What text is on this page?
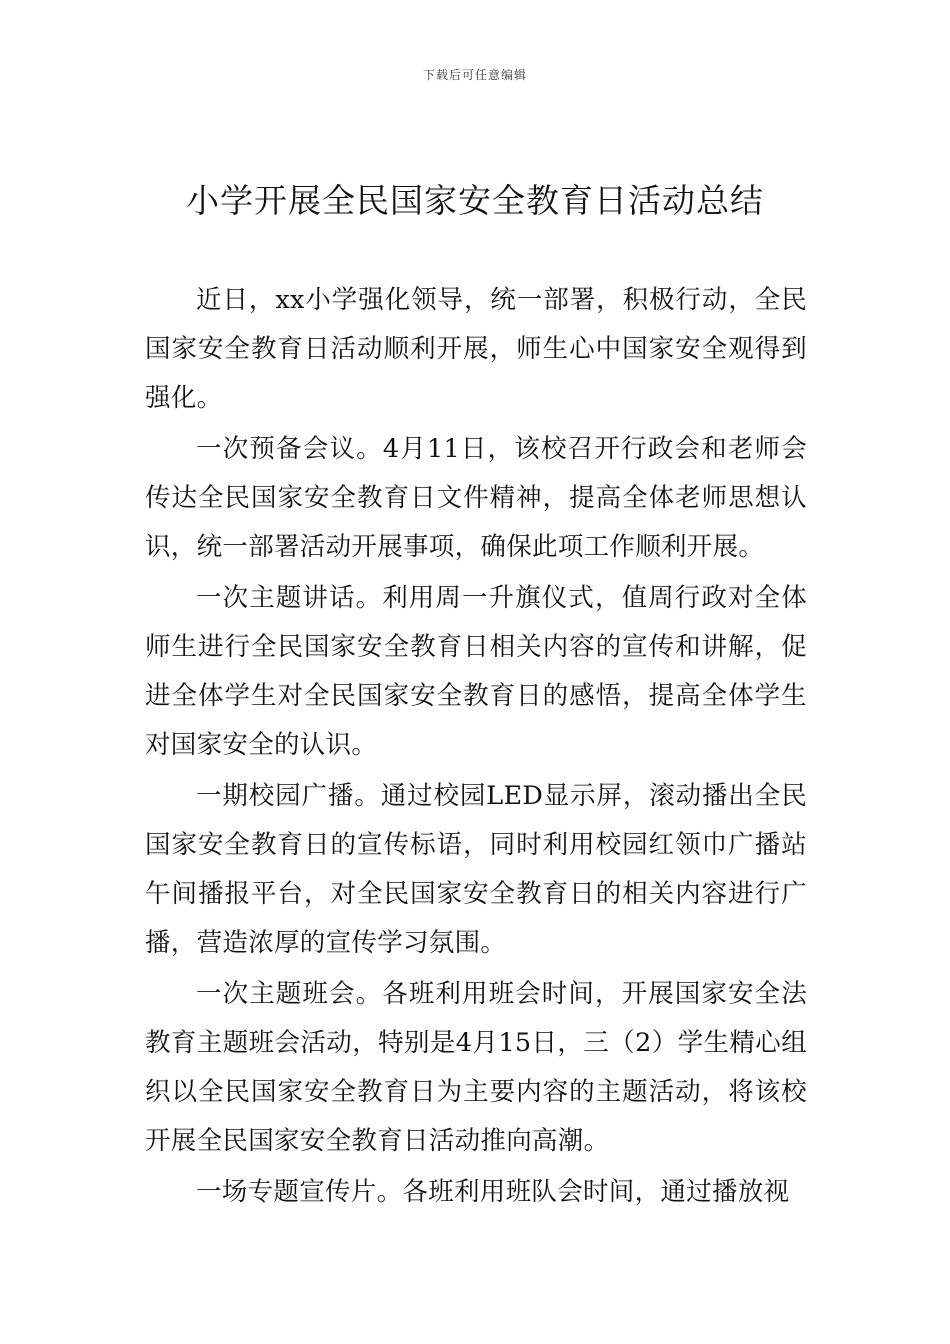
下载后可任意编辑
小学开展全民国家安全教育日活动总结

近日，xx小学强化领导，统一部署，积极行动，全民国家安全教育日活动顺利开展，师生心中国家安全观得到强化。

一次预备会议。4月11日，该校召开行政会和老师会传达全民国家安全教育日文件精神，提高全体老师思想认识，统一部署活动开展事项，确保此项工作顺利开展。

一次主题讲话。利用周一升旗仪式，值周行政对全体师生进行全民国家安全教育日相关内容的宣传和讲解，促进全体学生对全民国家安全教育日的感悟，提高全体学生对国家安全的认识。

一期校园广播。通过校园LED显示屏，滚动播出全民国家安全教育日的宣传标语，同时利用校园红领巾广播站午间播报平台，对全民国家安全教育日的相关内容进行广播，营造浓厚的宣传学习氛围。

一次主题班会。各班利用班会时间，开展国家安全法教育主题班会活动，特别是4月15日，三（2）学生精心组织以全民国家安全教育日为主要内容的主题活动，将该校开展全民国家安全教育日活动推向高潮。

一场专题宣传片。各班利用班队会时间，通过播放视
